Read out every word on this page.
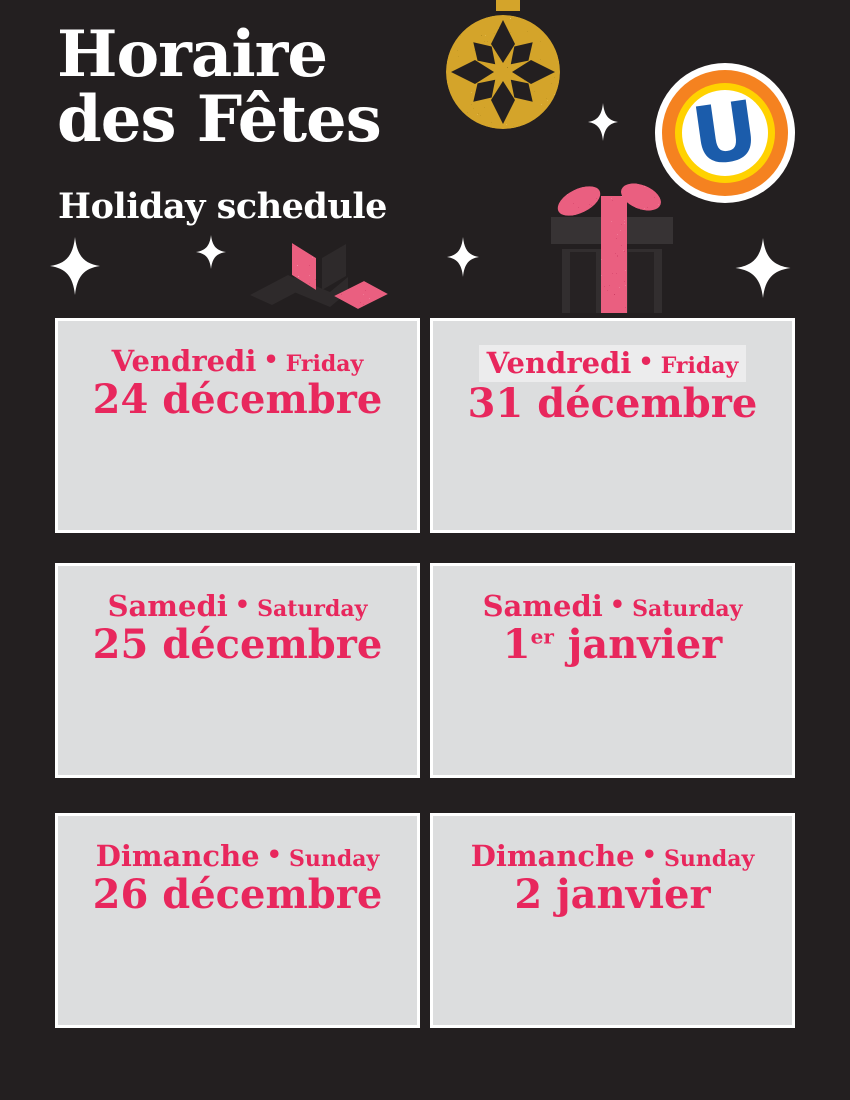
U
Horaire
des Fêtes
Holiday schedule
Vendredi • Friday
24 décembre
Vendredi • Friday
31 décembre
Samedi • Saturday
25 décembre
Samedi • Saturday
1er janvier
Dimanche • Sunday
26 décembre
Dimanche • Sunday
2 janvier
